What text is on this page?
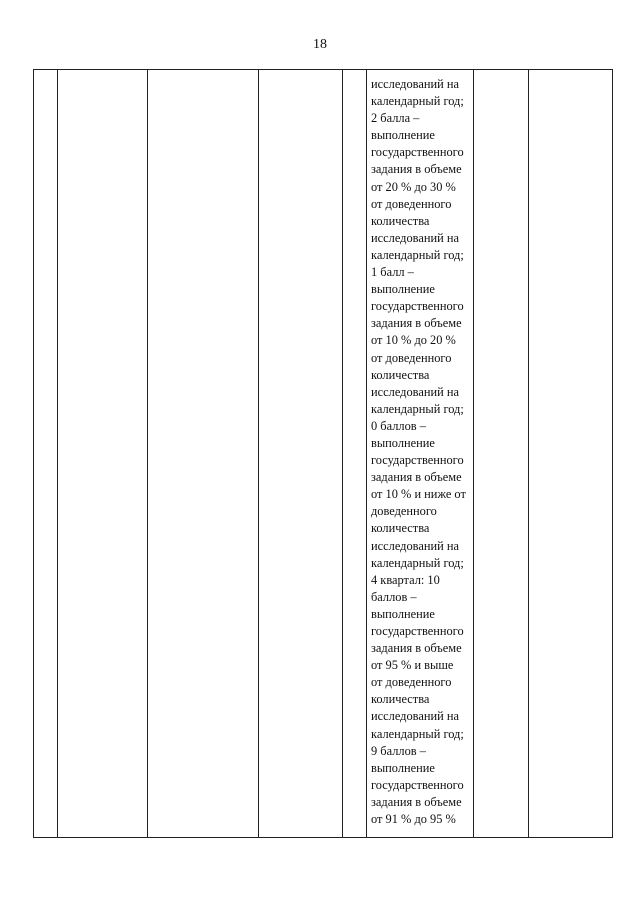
18

исследований на
календарный год;
2 балла –
выполнение
государственного
задания в объеме
от 20 % до 30 %
от доведенного
количества
исследований на
календарный год;
1 балл –
выполнение
государственного
задания в объеме
от 10 % до 20 %
от доведенного
количества
исследований на
календарный год;
0 баллов –
выполнение
государственного
задания в объеме
от 10 % и ниже от
доведенного
количества
исследований на
календарный год;
4 квартал: 10
баллов –
выполнение
государственного
задания в объеме
от 95 % и выше
от доведенного
количества
исследований на
календарный год;
9 баллов –
выполнение
государственного
задания в объеме
от 91 % до 95 %
